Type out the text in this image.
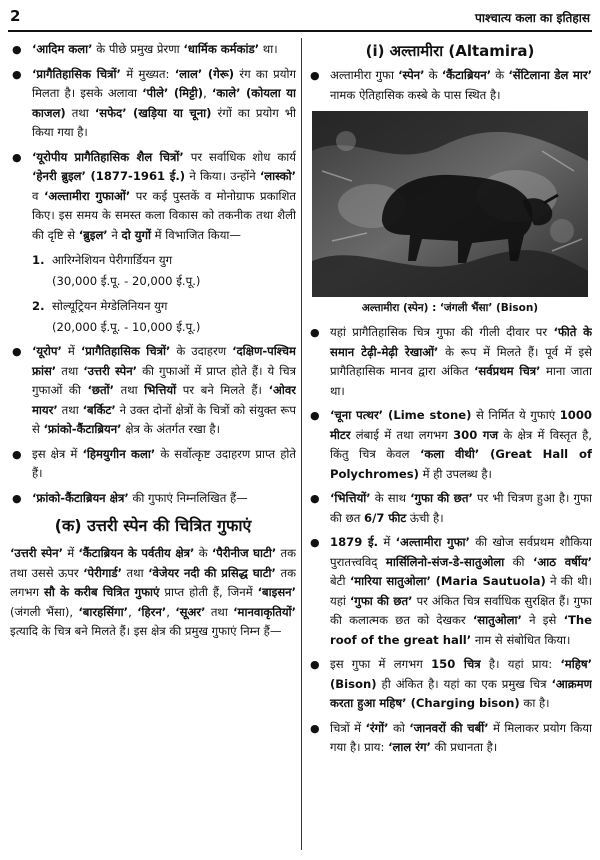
2	पाश्चात्य कला का इतिहास
● ‘आदिम कला’ के पीछे प्रमुख प्रेरणा ‘धार्मिक कर्मकांड’ था।
● ‘प्रागैतिहासिक चित्रों’ में मुख्यत: ‘लाल’ (गेरू) रंग का प्रयोग मिलता है। इसके अलावा ‘पीले’ (मिट्टी), ‘काले’ (कोयला या काजल) तथा ‘सफेद’ (खड़िया या चूना) रंगों का प्रयोग भी किया गया है।
● ‘यूरोपीय प्रागैतिहासिक शैल चित्रों’ पर सर्वाधिक शोध कार्य ‘हेनरी ब्रुइल’ (1877-1961 ई.) ने किया। उन्होंने ‘लास्को’ व ‘अल्तामीरा गुफाओं’ पर कई पुस्तकें व मोनोग्राफ प्रकाशित किए। इस समय के समस्त कला विकास को तकनीक तथा शैली की दृष्टि से ‘ब्रुइल’ ने दो युगों में विभाजित किया—
1. आरिग्नेशियन पेरीगार्डियन युग
(30,000 ई.पू. - 20,000 ई.पू.)
2. सोल्यूट्रियन मेग्डेलिनियन युग
(20,000 ई.पू. - 10,000 ई.पू.)
● ‘यूरोप’ में ‘प्रागैतिहासिक चित्रों’ के उदाहरण ‘दक्षिण-पश्चिम फ्रांस’ तथा ‘उत्तरी स्पेन’ की गुफाओं में प्राप्त होते हैं। ये चित्र गुफाओं की ‘छतों’ तथा भित्तियों पर बने मिलते हैं। ‘ओवर मायर’ तथा ‘बर्किट’ ने उक्त दोनों क्षेत्रों के चित्रों को संयुक्त रूप से ‘फ्रांको-कैंटाब्रियन’ क्षेत्र के अंतर्गत रखा है।
● इस क्षेत्र में ‘हिमयुगीन कला’ के सर्वोत्कृष्ट उदाहरण प्राप्त होते हैं।
● ‘फ्रांको-कैंटाब्रियन क्षेत्र’ की गुफाएं निम्नलिखित हैं—
(क) उत्तरी स्पेन की चित्रित गुफाएं
‘उत्तरी स्पेन’ में ‘कैंटाब्रियन के पर्वतीय क्षेत्र’ के ‘पैरीनीज घाटी’ तक तथा उससे ऊपर ‘पेरीगार्ड’ तथा ‘वेजेयर नदी की प्रसिद्ध घाटी’ तक लगभग सौ के करीब चित्रित गुफाएं प्राप्त होती हैं, जिनमें ‘बाइसन’ (जंगली भैंसा), ‘बारहसिंगा’, ‘हिरन’, ‘सूअर’ तथा ‘मानवाकृतियों’ इत्यादि के चित्र बने मिलते हैं। इस क्षेत्र की प्रमुख गुफाएं निम्न हैं—
(i) अल्तामीरा (Altamira)
● अल्तामीरा गुफा ‘स्पेन’ के ‘कैंटाब्रियन’ के ‘सेंटिलाना डेल मार’ नामक ऐतिहासिक कस्बे के पास स्थित है।
अल्तामीरा (स्पेन) : ‘जंगली भैंसा’ (Bison)
● यहां प्रागैतिहासिक चित्र गुफा की गीली दीवार पर ‘फीते के समान टेढ़ी-मेढ़ी रेखाओं’ के रूप में मिलते हैं। पूर्व में इसे प्रागैतिहासिक मानव द्वारा अंकित ‘सर्वप्रथम चित्र’ माना जाता था।
● ‘चूना पत्थर’ (Lime stone) से निर्मित ये गुफाएं 1000 मीटर लंबाई में तथा लगभग 300 गज के क्षेत्र में विस्तृत है, किंतु चित्र केवल ‘कला वीथी’ (Great Hall of Polychromes) में ही उपलब्ध है।
● ‘भित्तियों’ के साथ ‘गुफा की छत’ पर भी चित्रण हुआ है। गुफा की छत 6/7 फीट ऊंची है।
● 1879 ई. में ‘अल्तामीरा गुफा’ की खोज सर्वप्रथम शौकिया पुरातत्त्वविद् मार्सिलिनो-संज-डे-सातुओला की ‘आठ वर्षीय’ बेटी ‘मारिया सातुओला’ (Maria Sautuola) ने की थी। यहां ‘गुफा की छत’ पर अंकित चित्र सर्वाधिक सुरक्षित हैं। गुफा की कलात्मक छत को देखकर ‘सातुओला’ ने इसे ‘The roof of the great hall’ नाम से संबोधित किया।
● इस गुफा में लगभग 150 चित्र है। यहां प्राय: ‘महिष’ (Bison) ही अंकित है। यहां का एक प्रमुख चित्र ‘आक्रमण करता हुआ महिष’ (Charging bison) का है।
● चित्रों में ‘रंगों’ को ‘जानवरों की चर्बी’ में मिलाकर प्रयोग किया गया है। प्राय: ‘लाल रंग’ की प्रधानता है।
